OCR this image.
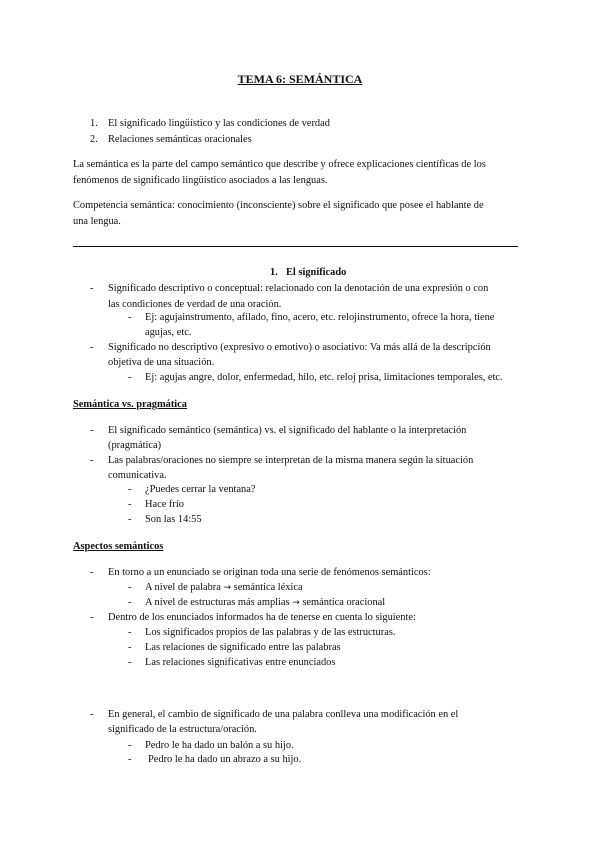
TEMA 6: SEMÁNTICA
1. El significado lingüístico y las condiciones de verdad
2. Relaciones semánticas oracionales
La semántica es la parte del campo semántico que describe y ofrece explicaciones científicas de los
fenómenos de significado lingüístico asociados a las lenguas.
Competencia semántica: conocimiento (inconsciente) sobre el significado que posee el hablante de
una lengua.
1. El significado
-	Significado descriptivo o conceptual: relacionado con la denotación de una expresión o con
las condiciones de verdad de una oración.
-	Ej: agujainstrumento, afilado, fino, acero, etc. relojinstrumento, ofrece la hora, tiene
agujas, etc.
-	Significado no descriptivo (expresivo o emotivo) o asociativo: Va más allá de la descripción
objetiva de una situación.
-	Ej: agujas angre, dolor, enfermedad, hilo, etc. reloj prisa, limitaciones temporales, etc.
Semántica vs. pragmática
-	El significado semántico (semántica) vs. el significado del hablante o la interpretación
(pragmática)
-	Las palabras/oraciones no siempre se interpretan de la misma manera según la situación
comunicativa.
-	¿Puedes cerrar la ventana?
-	Hace frío
-	Son las 14:55
Aspectos semánticos
-	En torno a un enunciado se originan toda una serie de fenómenos semánticos:
-	A nivel de palabra → semántica léxica
-	A nivel de estructuras más amplias → semántica oracional
-	Dentro de los enunciados informados ha de tenerse en cuenta lo siguiente:
-	Los significados propios de las palabras y de las estructuras.
-	Las relaciones de significado entre las palabras
-	Las relaciones significativas entre enunciados
-	En general, el cambio de significado de una palabra conlleva una modificación en el
significado de la estructura/oración.
-	Pedro le ha dado un balón a su hijo.
-	Pedro le ha dado un abrazo a su hijo.
